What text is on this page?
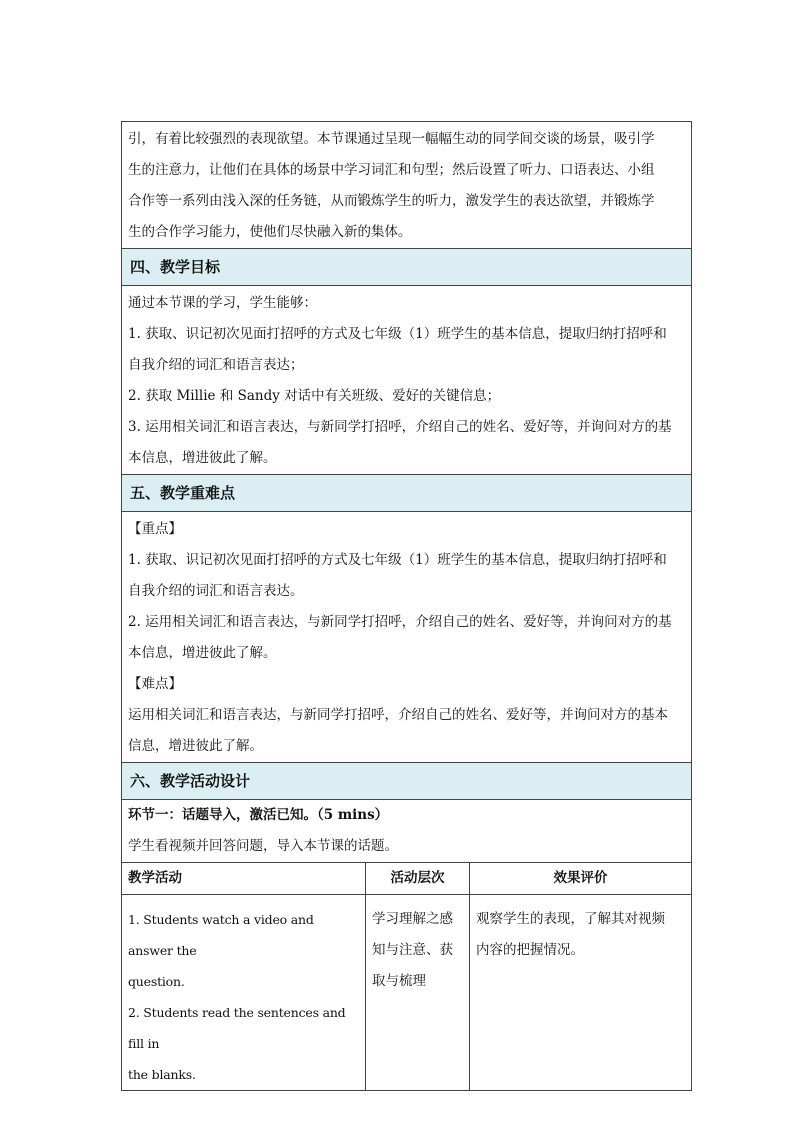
引，有着比较强烈的表现欲望。本节课通过呈现一幅幅生动的同学间交谈的场景，吸引学

生的注意力，让他们在具体的场景中学习词汇和句型；然后设置了听力、口语表达、小组

合作等一系列由浅入深的任务链，从而锻炼学生的听力，激发学生的表达欲望，并锻炼学

生的合作学习能力，使他们尽快融入新的集体。

四、教学目标

通过本节课的学习，学生能够：

1. 获取、识记初次见面打招呼的方式及七年级（1）班学生的基本信息，提取归纳打招呼和

自我介绍的词汇和语言表达；

2. 获取 Millie 和 Sandy 对话中有关班级、爱好的关键信息；

3. 运用相关词汇和语言表达，与新同学打招呼，介绍自己的姓名、爱好等，并询问对方的基

本信息，增进彼此了解。

五、教学重难点

【重点】

1. 获取、识记初次见面打招呼的方式及七年级（1）班学生的基本信息，提取归纳打招呼和

自我介绍的词汇和语言表达。

2. 运用相关词汇和语言表达，与新同学打招呼，介绍自己的姓名、爱好等，并询问对方的基

本信息，增进彼此了解。

【难点】

运用相关词汇和语言表达，与新同学打招呼，介绍自己的姓名、爱好等，并询问对方的基本

信息，增进彼此了解。

六、教学活动设计
环节一：话题导入，激活已知。（5 mins）
学生看视频并回答问题，导入本节课的话题。
教学活动	活动层次	效果评价

1. Students watch a video and answer the

question.

2. Students read the sentences and fill in

the blanks.

学习理解之感

知与注意、获

取与梳理

观察学生的表现，了解其对视频

内容的把握情况。
